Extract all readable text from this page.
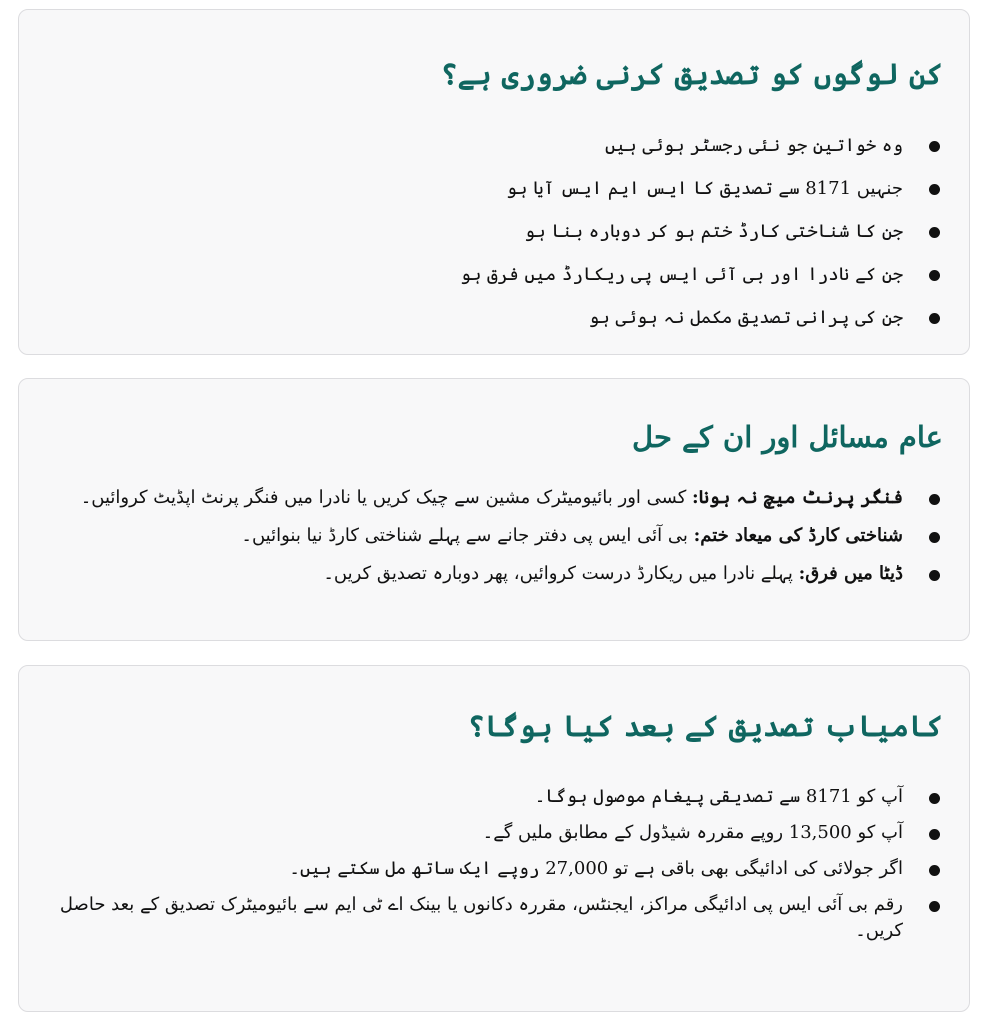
کن لوگوں کو تصدیق کرنی ضروری ہے؟
وہ خواتین جو نئی رجسٹر ہوئی ہیں
جنہیں 8171 سے تصدیق کا ایس ایم ایس آیا ہو
جن کا شناختی کارڈ ختم ہو کر دوبارہ بنا ہو
جن کے نادرا اور بی آئی ایس پی ریکارڈ میں فرق ہو
جن کی پرانی تصدیق مکمل نہ ہوئی ہو
عام مسائل اور ان کے حل
فنگر پرنٹ میچ نہ ہونا: کسی اور بائیومیٹرک مشین سے چیک کریں یا نادرا میں فنگر پرنٹ اپڈیٹ کروائیں۔
شناختی کارڈ کی میعاد ختم: بی آئی ایس پی دفتر جانے سے پہلے شناختی کارڈ نیا بنوائیں۔
ڈیٹا میں فرق: پہلے نادرا میں ریکارڈ درست کروائیں، پھر دوبارہ تصدیق کریں۔
کامیاب تصدیق کے بعد کیا ہوگا؟
آپ کو 8171 سے تصدیقی پیغام موصول ہوگا۔
آپ کو 13,500 روپے مقررہ شیڈول کے مطابق ملیں گے۔
اگر جولائی کی ادائیگی بھی باقی ہے تو 27,000 روپے ایک ساتھ مل سکتے ہیں۔
رقم بی آئی ایس پی ادائیگی مراکز، ایجنٹس، مقررہ دکانوں یا بینک اے ٹی ایم سے بائیومیٹرک تصدیق کے بعد حاصل کریں۔
